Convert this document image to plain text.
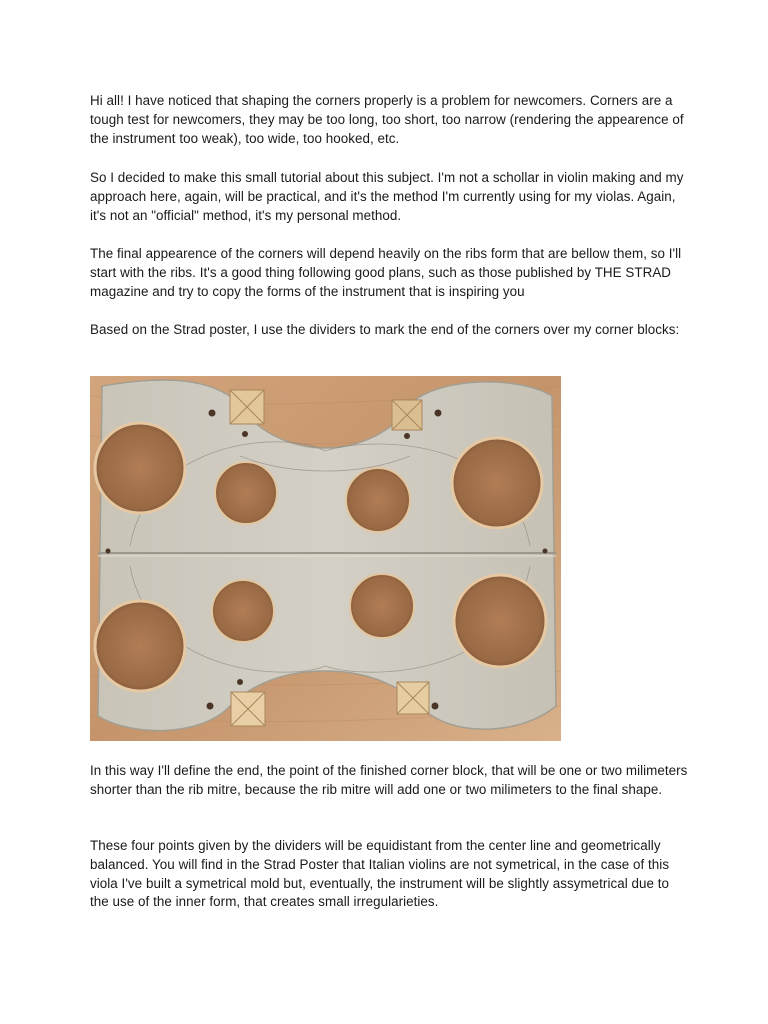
Hi all! I have noticed that shaping the corners properly is a problem for newcomers. Corners are a tough test for newcomers, they may be too long, too short, too narrow (rendering the appearence of the instrument too weak), too wide, too hooked, etc.

So I decided to make this small tutorial about this subject. I'm not a schollar in violin making and my approach here, again, will be practical, and it's the method I'm currently using for my violas. Again, it's not an "official" method, it's my personal method.

The final appearence of the corners will depend heavily on the ribs form that are bellow them, so I'll start with the ribs. It's a good thing following good plans, such as those published by THE STRAD magazine and try to copy the forms of the instrument that is inspiring you

Based on the Strad poster, I use the dividers to mark the end of the corners over my corner blocks:

In this way I'll define the end, the point of the finished corner block, that will be one or two milimeters shorter than the rib mitre, because the rib mitre will add one or two milimeters to the final shape.

These four points given by the dividers will be equidistant from the center line and geometrically balanced. You will find in the Strad Poster that Italian violins are not symetrical, in the case of this viola I've built a symetrical mold but, eventually, the instrument will be slightly assymetrical due to the use of the inner form, that creates small irregularieties.
